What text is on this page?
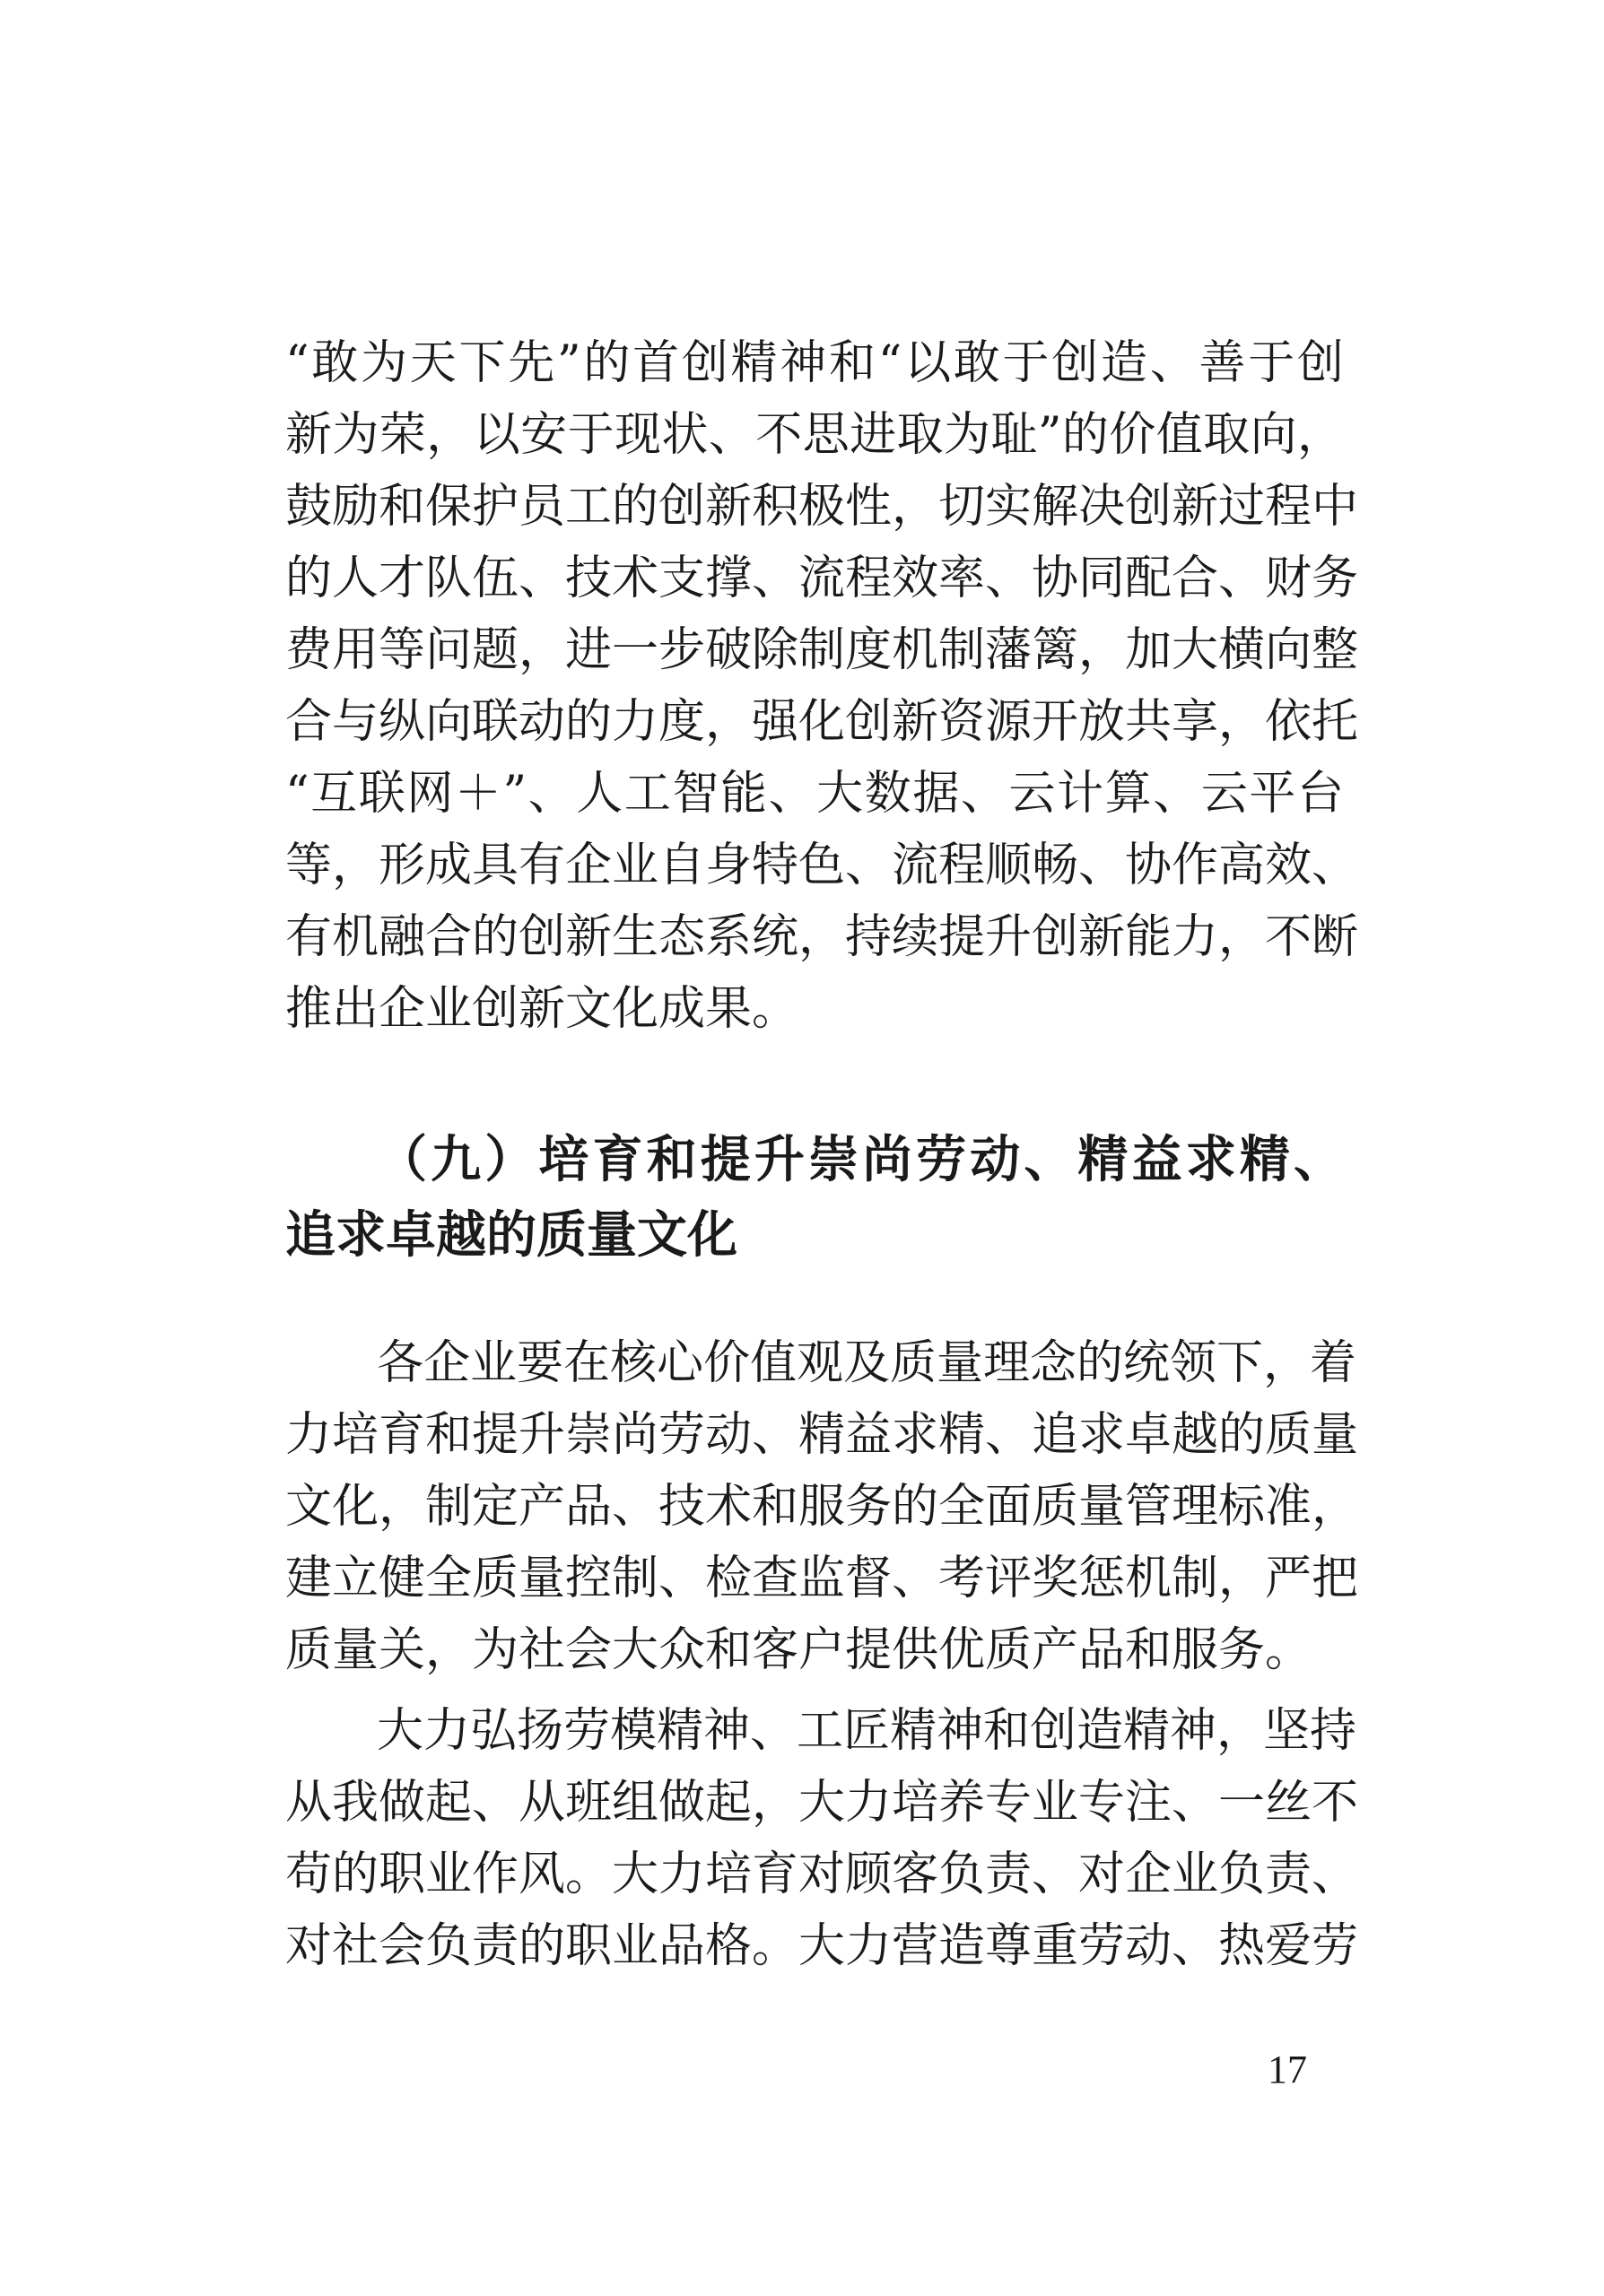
“敢为天下先”的首创精神和“以敢于创造、善于创
新为荣，以安于现状、不思进取为耻”的价值取向，
鼓励和保护员工的创新积极性，切实解决创新过程中
的人才队伍、技术支撑、流程效率、协同配合、财务
费用等问题，进一步破除制度机制藩篱，加大横向整
合与纵向联动的力度，强化创新资源开放共享，依托
“互联网＋”、人工智能、大数据、云计算、云平台
等，形成具有企业自身特色、流程顺畅、协作高效、
有机融合的创新生态系统，持续提升创新能力，不断
推出企业创新文化成果。
（九）培育和提升崇尚劳动、精益求精、
追求卓越的质量文化
各企业要在核心价值观及质量理念的统领下，着
力培育和提升崇尚劳动、精益求精、追求卓越的质量
文化，制定产品、技术和服务的全面质量管理标准，
建立健全质量控制、检查监督、考评奖惩机制，严把
质量关，为社会大众和客户提供优质产品和服务。
大力弘扬劳模精神、工匠精神和创造精神，坚持
从我做起、从班组做起，大力培养专业专注、一丝不
苟的职业作风。大力培育对顾客负责、对企业负责、
对社会负责的职业品格。大力营造尊重劳动、热爱劳
17
